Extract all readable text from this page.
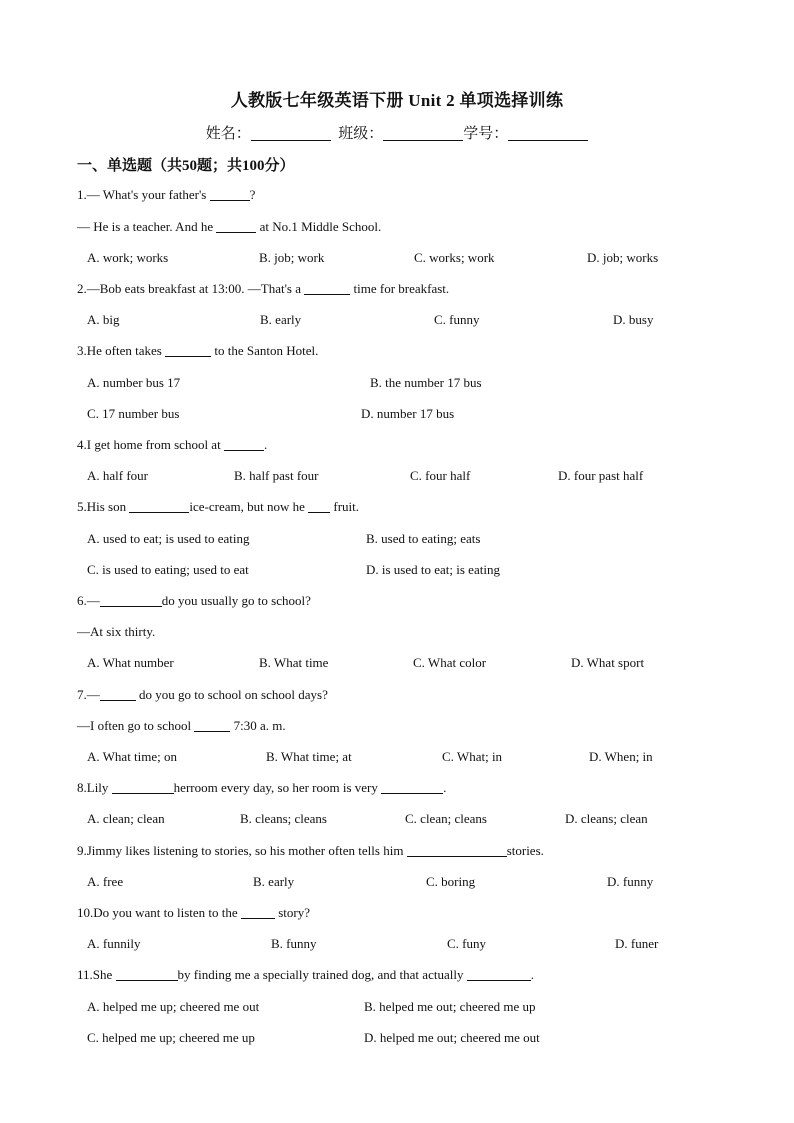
人教版七年级英语下册 Unit 2 单项选择训练
姓名：	班级：	学号：
一、单选题（共50题；共100分）
1.— What's your father's	?
— He is a teacher. And he	at No.1 Middle School.
A. work; works	B. job; work	C. works; work	D. job; works
2.—Bob eats breakfast at 13:00. —That's a	time for breakfast.
A. big	B. early	C. funny	D. busy
3.He often takes	to the Santon Hotel.
A. number bus 17	B. the number 17 bus
C. 17 number bus	D. number 17 bus
4.I get home from school at	.
A. half four	B. half past four	C. four half	D. four past half
5.His son	ice-cream, but now he  fruit.
A. used to eat; is used to eating	B. used to eating; eats
C. is used to eating; used to eat	D. is used to eat; is eating
6.—	do you usually go to school?
—At six thirty.
A. What number	B. What time	C. What color	D. What sport
7.—	do you go to school on school days?
—I often go to school	7:30 a. m.
A. What time; on	B. What time; at	C. What; in	D. When; in
8.Lily	herroom every day, so her room is very	.
A. clean; clean	B. cleans; cleans	C. clean; cleans	D. cleans; clean
9.Jimmy likes listening to stories, so his mother often tells him	stories.
A. free	B. early	C. boring	D. funny
10.Do you want to listen to the	story?
A. funnily	B. funny	C. funy	D. funer
11.She	by finding me a specially trained dog, and that actually	.
A. helped me up; cheered me out	B. helped me out; cheered me up
C. helped me up; cheered me up	D. helped me out; cheered me out
